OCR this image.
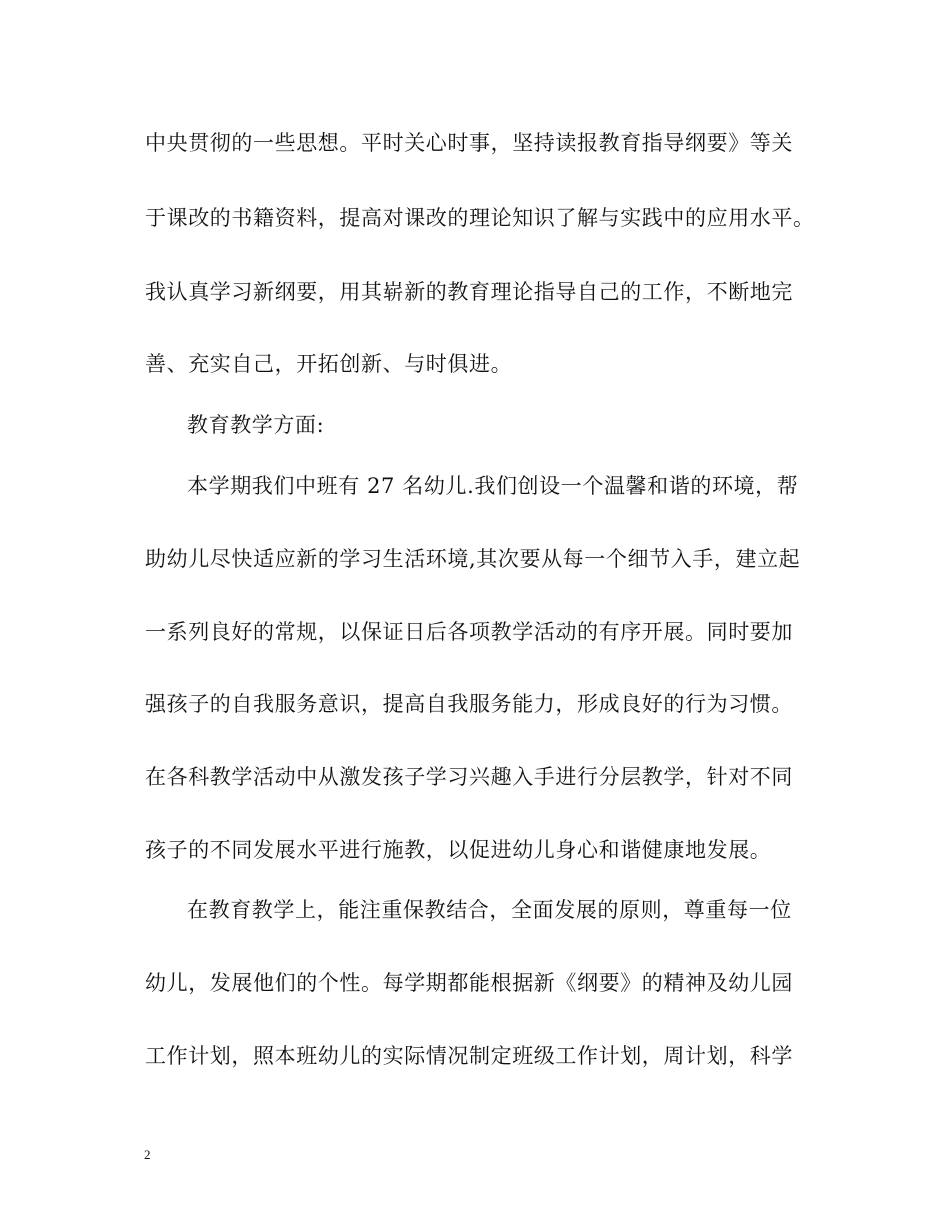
中央贯彻的一些思想。平时关心时事，坚持读报教育指导纲要》等关
于课改的书籍资料，提高对课改的理论知识了解与实践中的应用水平。
我认真学习新纲要，用其崭新的教育理论指导自己的工作，不断地完
善、充实自己，开拓创新、与时俱进。
教育教学方面:
本学期我们中班有 27 名幼儿.我们创设一个温馨和谐的环境，帮
助幼儿尽快适应新的学习生活环境,其次要从每一个细节入手，建立起
一系列良好的常规，以保证日后各项教学活动的有序开展。同时要加
强孩子的自我服务意识，提高自我服务能力，形成良好的行为习惯。
在各科教学活动中从激发孩子学习兴趣入手进行分层教学，针对不同
孩子的不同发展水平进行施教，以促进幼儿身心和谐健康地发展。
在教育教学上，能注重保教结合，全面发展的原则，尊重每一位
幼儿，发展他们的个性。每学期都能根据新《纲要》的精神及幼儿园
工作计划，照本班幼儿的实际情况制定班级工作计划，周计划，科学
2
